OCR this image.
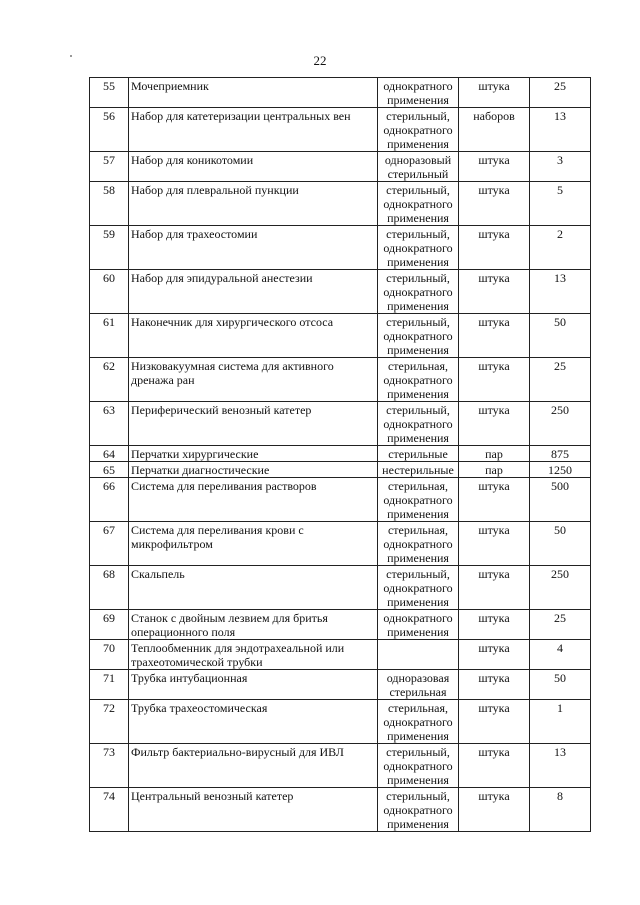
22
55	Мочеприемник	однократного применения	штука	25
56	Набор для катетеризации центральных вен	стерильный, однократного применения	наборов	13
57	Набор для коникотомии	одноразовый стерильный	штука	3
58	Набор для плевральной пункции	стерильный, однократного применения	штука	5
59	Набор для трахеостомии	стерильный, однократного применения	штука	2
60	Набор для эпидуральной анестезии	стерильный, однократного применения	штука	13
61	Наконечник для хирургического отсоса	стерильный, однократного применения	штука	50
62	Низковакуумная система для активного дренажа ран	стерильная, однократного применения	штука	25
63	Периферический венозный катетер	стерильный, однократного применения	штука	250
64	Перчатки хирургические	стерильные	пар	875
65	Перчатки диагностические	нестерильные	пар	1250
66	Система для переливания растворов	стерильная, однократного применения	штука	500
67	Система для переливания крови с микрофильтром	стерильная, однократного применения	штука	50
68	Скальпель	стерильный, однократного применения	штука	250
69	Станок с двойным лезвием для бритья операционного поля	однократного применения	штука	25
70	Теплообменник для эндотрахеальной или трахеотомической трубки		штука	4
71	Трубка интубационная	одноразовая стерильная	штука	50
72	Трубка трахеостомическая	стерильная, однократного применения	штука	1
73	Фильтр бактериально-вирусный для ИВЛ	стерильный, однократного применения	штука	13
74	Центральный венозный катетер	стерильный, однократного применения	штука	8
